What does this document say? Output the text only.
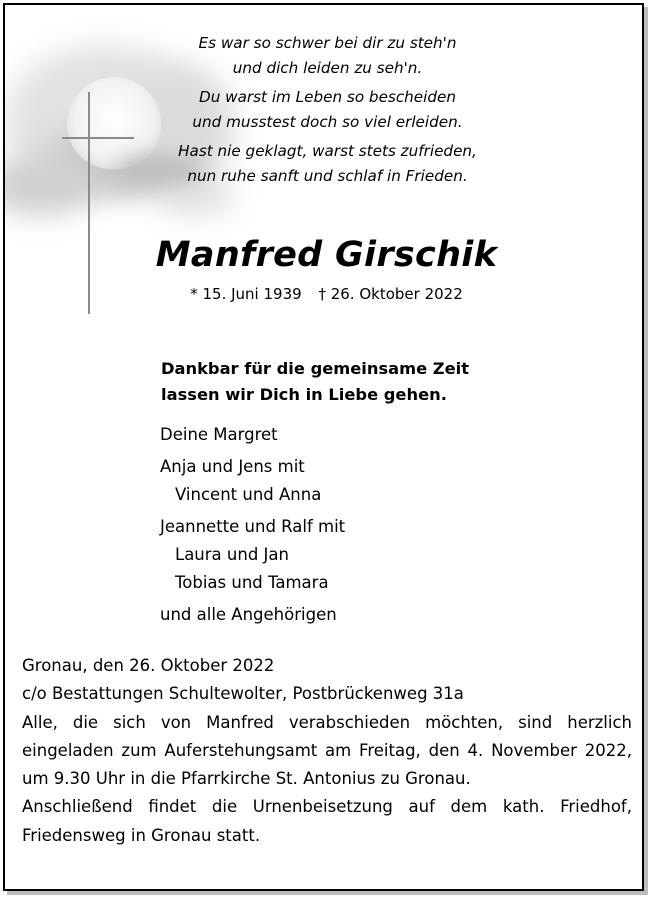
Es war so schwer bei dir zu steh'n
und dich leiden zu seh'n.

Du warst im Leben so bescheiden
und musstest doch so viel erleiden.

Hast nie geklagt, warst stets zufrieden,
nun ruhe sanft und schlaf in Frieden.

Manfred Girschik
* 15. Juni 1939 † 26. Oktober 2022
Dankbar für die gemeinsame Zeit
lassen wir Dich in Liebe gehen.
Deine Margret
Anja und Jens mit
Vincent und Anna
Jeannette und Ralf mit
Laura und Jan
Tobias und Tamara
und alle Angehörigen
Gronau, den 26. Oktober 2022
c/o Bestattungen Schultewolter, Postbrückenweg 31a
Alle, die sich von Manfred verabschieden möchten, sind herzlich eingeladen zum Auferstehungsamt am Freitag, den 4. November 2022, um 9.30 Uhr in die Pfarrkirche St. Antonius zu Gronau.
Anschließend findet die Urnenbeisetzung auf dem kath. Friedhof, Friedensweg in Gronau statt.
